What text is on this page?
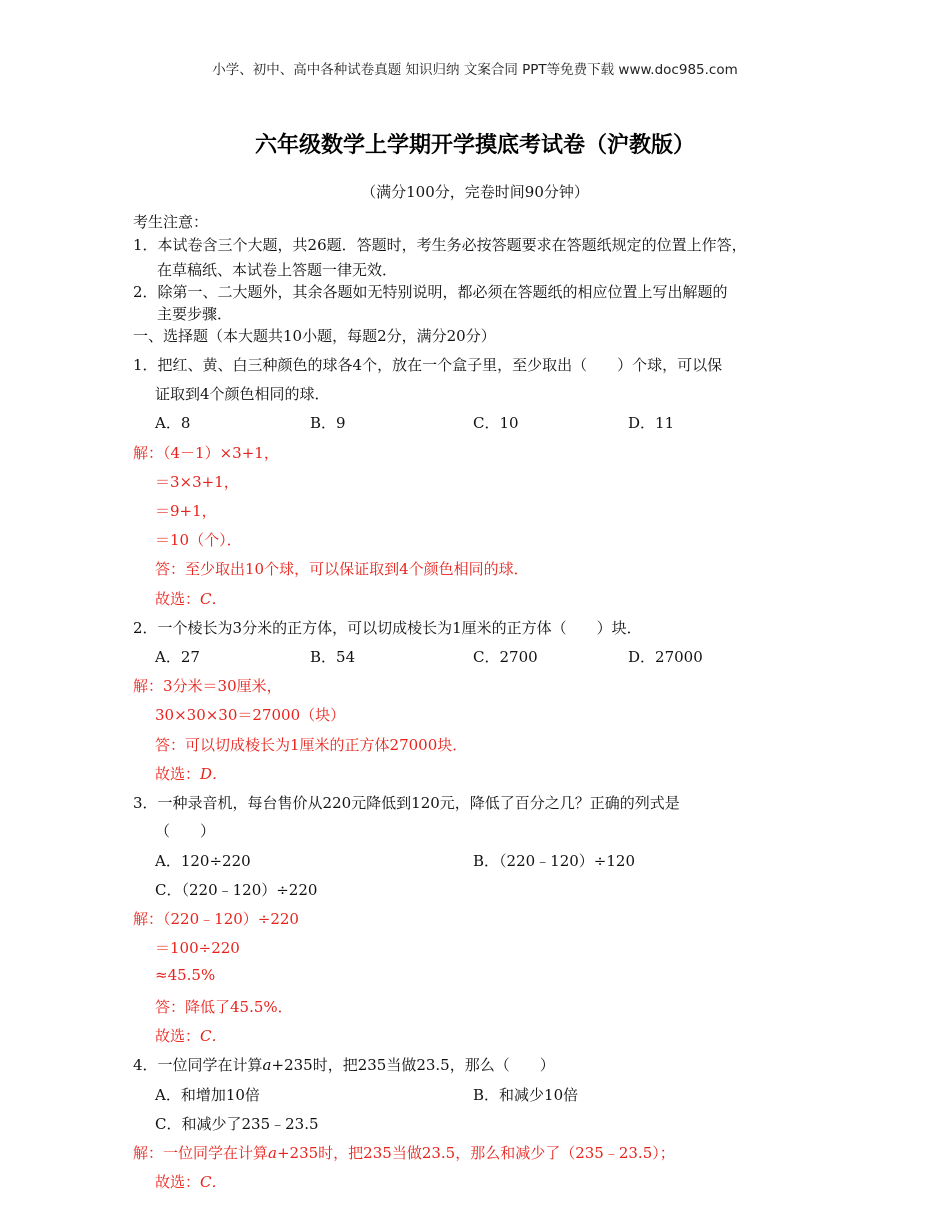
小学、初中、高中各种试卷真题 知识归纳 文案合同 PPT等免费下载 www.doc985.com
六年级数学上学期开学摸底考试卷（沪教版）
（满分100分，完卷时间90分钟）
考生注意：
1．本试卷含三个大题，共26题．答题时，考生务必按答题要求在答题纸规定的位置上作答，
在草稿纸、本试卷上答题一律无效．
2．除第一、二大题外，其余各题如无特别说明，都必须在答题纸的相应位置上写出解题的
主要步骤．
一、选择题（本大题共10小题，每题2分，满分20分）
1．把红、黄、白三种颜色的球各4个，放在一个盒子里，至少取出（　　）个球，可以保
证取到4个颜色相同的球．
A．8	B．9	C．10	D．11
解：（4－1）×3+1，
＝3×3+1，
＝9+1，
＝10（个）．
答：至少取出10个球，可以保证取到4个颜色相同的球．
故选：C．
2．一个棱长为3分米的正方体，可以切成棱长为1厘米的正方体（　　）块．
A．27	B．54	C．2700	D．27000
解：3分米＝30厘米，
30×30×30＝27000（块）
答：可以切成棱长为1厘米的正方体27000块．
故选：D．
3．一种录音机，每台售价从220元降低到120元，降低了百分之几？正确的列式是
（　　）
A．120÷220	B．（220﹣120）÷120
C．（220﹣120）÷220
解：（220﹣120）÷220
＝100÷220
≈45.5%
答：降低了45.5%．
故选：C．
4．一位同学在计算a+235时，把235当做23.5，那么（　　）
A．和增加10倍	B．和减少10倍
C．和减少了235﹣23.5
解：一位同学在计算a+235时，把235当做23.5，那么和减少了（235﹣23.5）；
故选：C．
